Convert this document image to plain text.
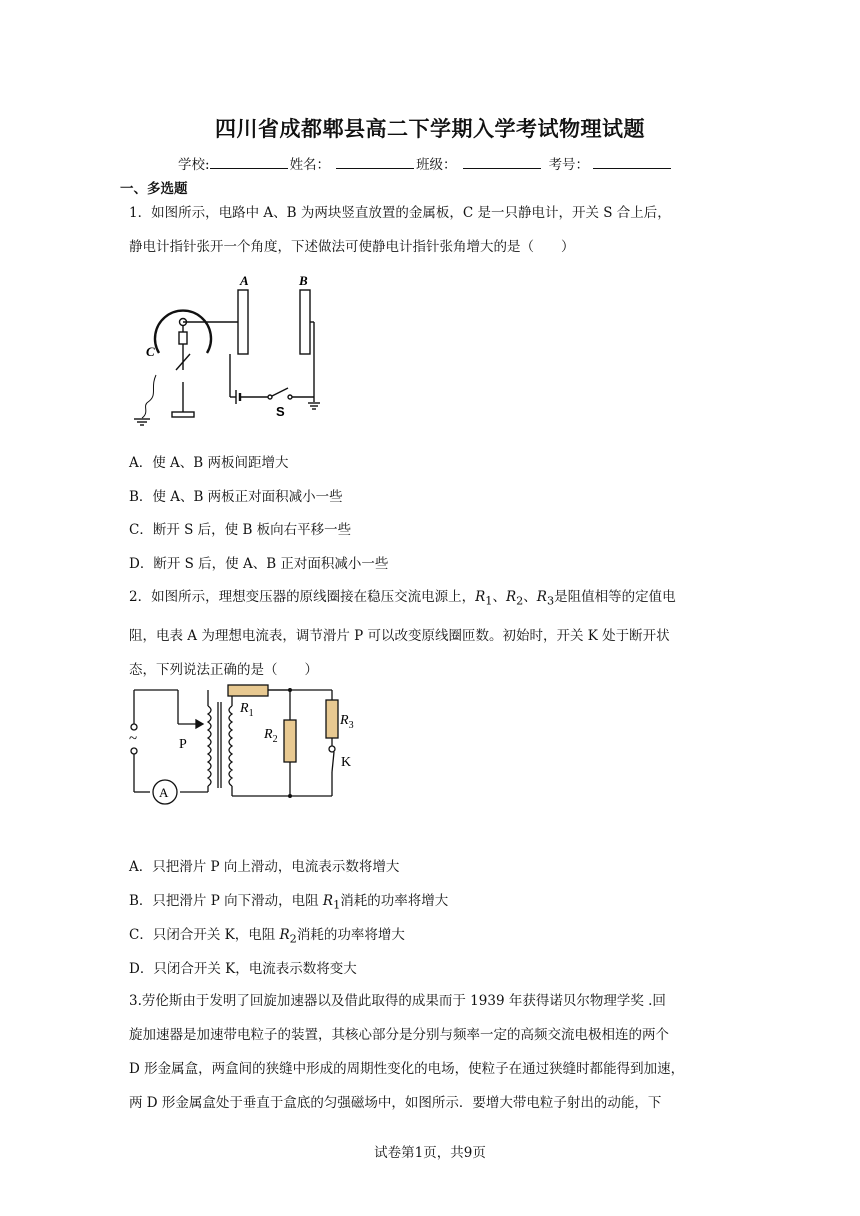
四川省成都郫县高二下学期入学考试物理试题
学校:	姓名：	班级：	考号：
一、多选题
1．如图所示，电路中 A、B 为两块竖直放置的金属板，C 是一只静电计，开关 S 合上后，
静电计指针张开一个角度，下述做法可使静电计指针张角增大的是（　　）
A	B
C
S
A．使 A、B 两板间距增大
B．使 A、B 两板正对面积减小一些
C．断开 S 后，使 B 板向右平移一些
D．断开 S 后，使 A、B 正对面积减小一些
2．如图所示，理想变压器的原线圈接在稳压交流电源上，$R_1$、$R_2$、$R_3$是阻值相等的定值电
阻，电表 A 为理想电流表，调节滑片 P 可以改变原线圈匝数。初始时，开关 K 处于断开状
态，下列说法正确的是（　　）
~
A
P
$R_1$
$R_2$
$R_3$
K
A．只把滑片 P 向上滑动，电流表示数将增大
B．只把滑片 P 向下滑动，电阻 $R_1$消耗的功率将增大
C．只闭合开关 K，电阻 $R_2$消耗的功率将增大
D．只闭合开关 K，电流表示数将变大
3.劳伦斯由于发明了回旋加速器以及借此取得的成果而于 1939 年获得诺贝尔物理学奖 .回
旋加速器是加速带电粒子的装置，其核心部分是分别与频率一定的高频交流电极相连的两个
D 形金属盒，两盒间的狭缝中形成的周期性变化的电场，使粒子在通过狭缝时都能得到加速，
两 D 形金属盒处于垂直于盒底的匀强磁场中，如图所示．要增大带电粒子射出的动能，下
试卷第1页，共9页
